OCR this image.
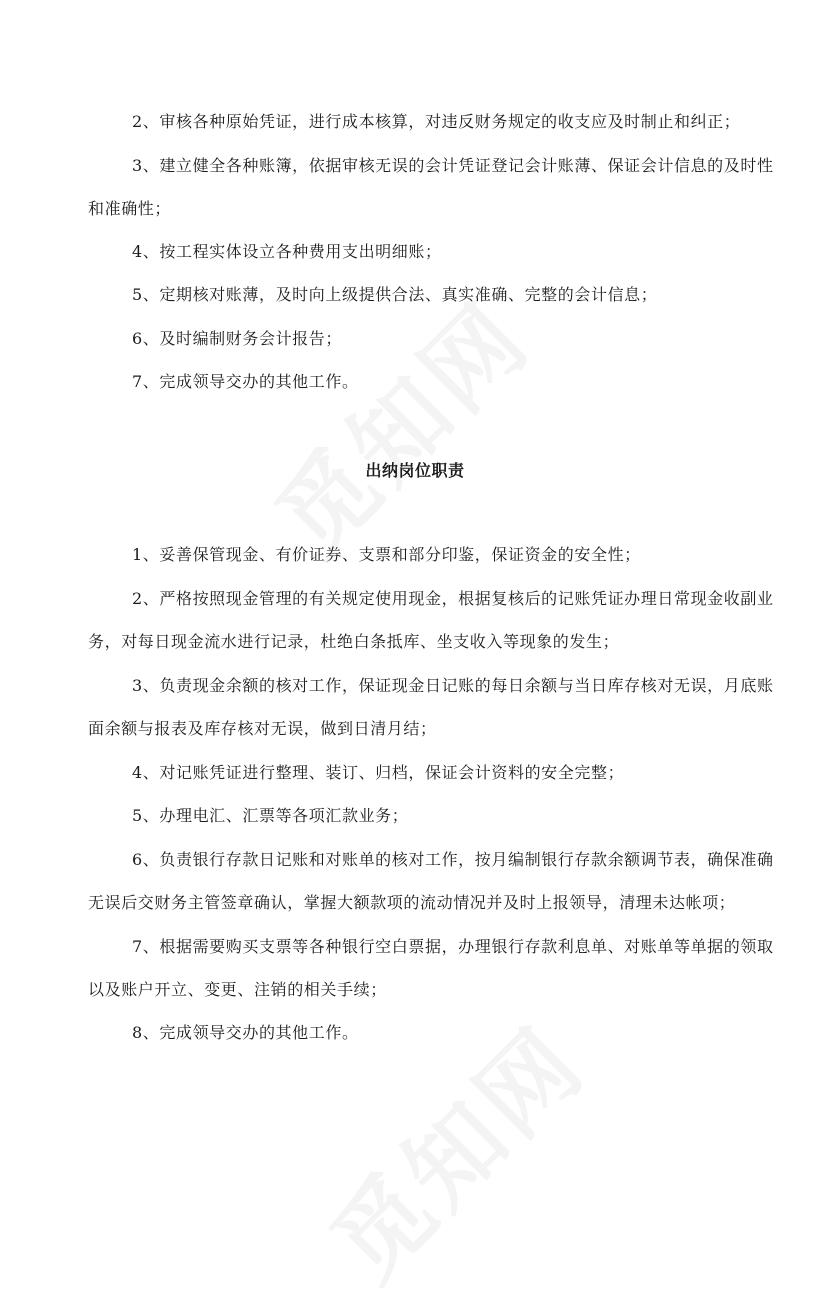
2、审核各种原始凭证，进行成本核算，对违反财务规定的收支应及时制止和纠正；

3、建立健全各种账簿，依据审核无误的会计凭证登记会计账薄、保证会计信息的及时性和准确性；

4、按工程实体设立各种费用支出明细账；

5、定期核对账薄，及时向上级提供合法、真实准确、完整的会计信息；

6、及时编制财务会计报告；

7、完成领导交办的其他工作。

出纳岗位职责

1、妥善保管现金、有价证券、支票和部分印鉴，保证资金的安全性；

2、严格按照现金管理的有关规定使用现金，根据复核后的记账凭证办理日常现金收副业务，对每日现金流水进行记录，杜绝白条抵库、坐支收入等现象的发生；

3、负责现金余额的核对工作，保证现金日记账的每日余额与当日库存核对无误，月底账面余额与报表及库存核对无误，做到日清月结；

4、对记账凭证进行整理、装订、归档，保证会计资料的安全完整；

5、办理电汇、汇票等各项汇款业务；

6、负责银行存款日记账和对账单的核对工作，按月编制银行存款余额调节表，确保准确无误后交财务主管签章确认，掌握大额款项的流动情况并及时上报领导，清理未达帐项；

7、根据需要购买支票等各种银行空白票据，办理银行存款利息单、对账单等单据的领取以及账户开立、变更、注销的相关手续；

8、完成领导交办的其他工作。
